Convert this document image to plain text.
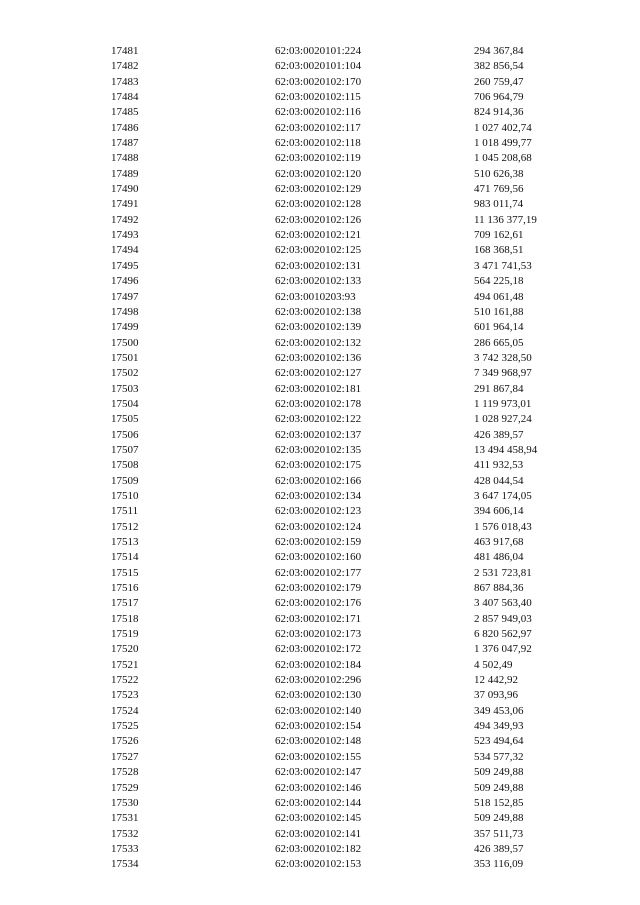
17481	62:03:0020101:224	294 367,84
17482	62:03:0020101:104	382 856,54
17483	62:03:0020102:170	260 759,47
17484	62:03:0020102:115	706 964,79
17485	62:03:0020102:116	824 914,36
17486	62:03:0020102:117	1 027 402,74
17487	62:03:0020102:118	1 018 499,77
17488	62:03:0020102:119	1 045 208,68
17489	62:03:0020102:120	510 626,38
17490	62:03:0020102:129	471 769,56
17491	62:03:0020102:128	983 011,74
17492	62:03:0020102:126	11 136 377,19
17493	62:03:0020102:121	709 162,61
17494	62:03:0020102:125	168 368,51
17495	62:03:0020102:131	3 471 741,53
17496	62:03:0020102:133	564 225,18
17497	62:03:0010203:93	494 061,48
17498	62:03:0020102:138	510 161,88
17499	62:03:0020102:139	601 964,14
17500	62:03:0020102:132	286 665,05
17501	62:03:0020102:136	3 742 328,50
17502	62:03:0020102:127	7 349 968,97
17503	62:03:0020102:181	291 867,84
17504	62:03:0020102:178	1 119 973,01
17505	62:03:0020102:122	1 028 927,24
17506	62:03:0020102:137	426 389,57
17507	62:03:0020102:135	13 494 458,94
17508	62:03:0020102:175	411 932,53
17509	62:03:0020102:166	428 044,54
17510	62:03:0020102:134	3 647 174,05
17511	62:03:0020102:123	394 606,14
17512	62:03:0020102:124	1 576 018,43
17513	62:03:0020102:159	463 917,68
17514	62:03:0020102:160	481 486,04
17515	62:03:0020102:177	2 531 723,81
17516	62:03:0020102:179	867 884,36
17517	62:03:0020102:176	3 407 563,40
17518	62:03:0020102:171	2 857 949,03
17519	62:03:0020102:173	6 820 562,97
17520	62:03:0020102:172	1 376 047,92
17521	62:03:0020102:184	4 502,49
17522	62:03:0020102:296	12 442,92
17523	62:03:0020102:130	37 093,96
17524	62:03:0020102:140	349 453,06
17525	62:03:0020102:154	494 349,93
17526	62:03:0020102:148	523 494,64
17527	62:03:0020102:155	534 577,32
17528	62:03:0020102:147	509 249,88
17529	62:03:0020102:146	509 249,88
17530	62:03:0020102:144	518 152,85
17531	62:03:0020102:145	509 249,88
17532	62:03:0020102:141	357 511,73
17533	62:03:0020102:182	426 389,57
17534	62:03:0020102:153	353 116,09
